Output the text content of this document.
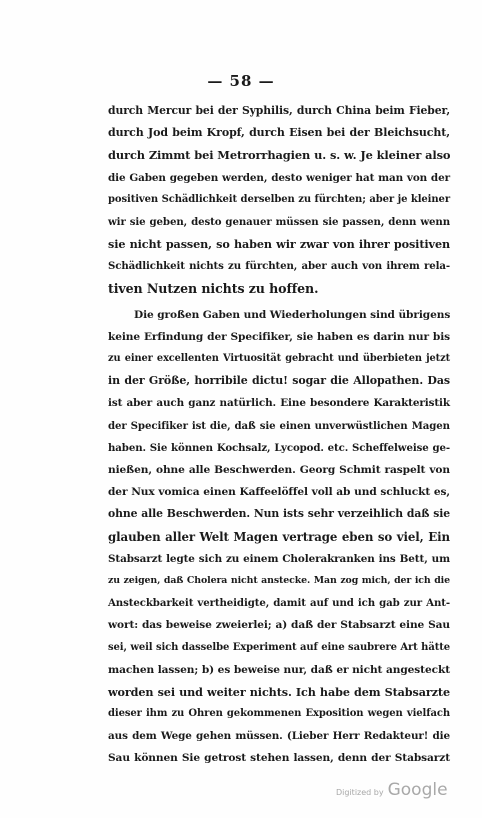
— 58 —
durch Mercur bei der Syphilis, durch China beim Fieber,
durch Jod beim Kropf, durch Eisen bei der Bleichsucht,
durch Zimmt bei Metrorrhagien u. s. w. Je kleiner also
die Gaben gegeben werden, desto weniger hat man von der
positiven Schädlichkeit derselben zu fürchten; aber je kleiner
wir sie geben, desto genauer müssen sie passen, denn wenn
sie nicht passen, so haben wir zwar von ihrer positiven
Schädlichkeit nichts zu fürchten, aber auch von ihrem rela-
tiven Nutzen nichts zu hoffen.
Die großen Gaben und Wiederholungen sind übrigens
keine Erfindung der Specifiker, sie haben es darin nur bis
zu einer excellenten Virtuosität gebracht und überbieten jetzt
in der Größe, horribile dictu! sogar die Allopathen. Das
ist aber auch ganz natürlich. Eine besondere Karakteristik
der Specifiker ist die, daß sie einen unverwüstlichen Magen
haben. Sie können Kochsalz, Lycopod. etc. Scheffelweise ge-
nießen, ohne alle Beschwerden. Georg Schmit raspelt von
der Nux vomica einen Kaffeelöffel voll ab und schluckt es,
ohne alle Beschwerden. Nun ists sehr verzeihlich daß sie
glauben aller Welt Magen vertrage eben so viel, Ein
Stabsarzt legte sich zu einem Cholerakranken ins Bett, um
zu zeigen, daß Cholera nicht anstecke. Man zog mich, der ich die
Ansteckbarkeit vertheidigte, damit auf und ich gab zur Ant-
wort: das beweise zweierlei; a) daß der Stabsarzt eine Sau
sei, weil sich dasselbe Experiment auf eine saubrere Art hätte
machen lassen; b) es beweise nur, daß er nicht angesteckt
worden sei und weiter nichts. Ich habe dem Stabsarzte
dieser ihm zu Ohren gekommenen Exposition wegen vielfach
aus dem Wege gehen müssen. (Lieber Herr Redakteur! die
Sau können Sie getrost stehen lassen, denn der Stabsarzt
Digitized by Google
